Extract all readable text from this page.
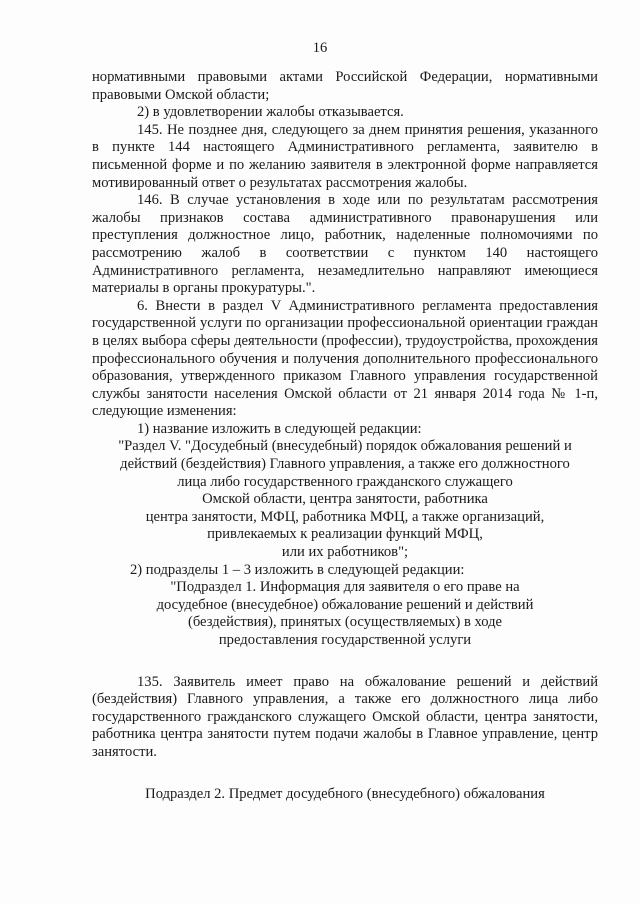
16

нормативными правовыми актами Российской Федерации, нормативными правовыми Омской области;

2) в удовлетворении жалобы отказывается.

145. Не позднее дня, следующего за днем принятия решения, указанного в пункте 144 настоящего Административного регламента, заявителю в письменной форме и по желанию заявителя в электронной форме направляется мотивированный ответ о результатах рассмотрения жалобы.

146. В случае установления в ходе или по результатам рассмотрения жалобы признаков состава административного правонарушения или преступления должностное лицо, работник, наделенные полномочиями по рассмотрению жалоб в соответствии с пунктом 140 настоящего Административного регламента, незамедлительно направляют имеющиеся материалы в органы прокуратуры.".

6. Внести в раздел V Административного регламента предоставления государственной услуги по организации профессиональной ориентации граждан в целях выбора сферы деятельности (профессии), трудоустройства, прохождения профессионального обучения и получения дополнительного профессионального образования, утвержденного приказом Главного управления государственной службы занятости населения Омской области от 21 января 2014 года № 1-п, следующие изменения:

1) название изложить в следующей редакции:

"Раздел V. "Досудебный (внесудебный) порядок обжалования решений и

действий (бездействия) Главного управления, а также его должностного

лица либо государственного гражданского служащего

Омской области, центра занятости, работника

центра занятости, МФЦ, работника МФЦ, а также организаций,

привлекаемых к реализации функций МФЦ,

или их работников";

2) подразделы 1 – 3 изложить в следующей редакции:

"Подраздел 1. Информация для заявителя о его праве на

досудебное (внесудебное) обжалование решений и действий

(бездействия), принятых (осуществляемых) в ходе

предоставления государственной услуги

135. Заявитель имеет право на обжалование решений и действий (бездействия) Главного управления, а также его должностного лица либо государственного гражданского служащего Омской области, центра занятости, работника центра занятости путем подачи жалобы в Главное управление, центр занятости.

Подраздел 2. Предмет досудебного (внесудебного) обжалования
